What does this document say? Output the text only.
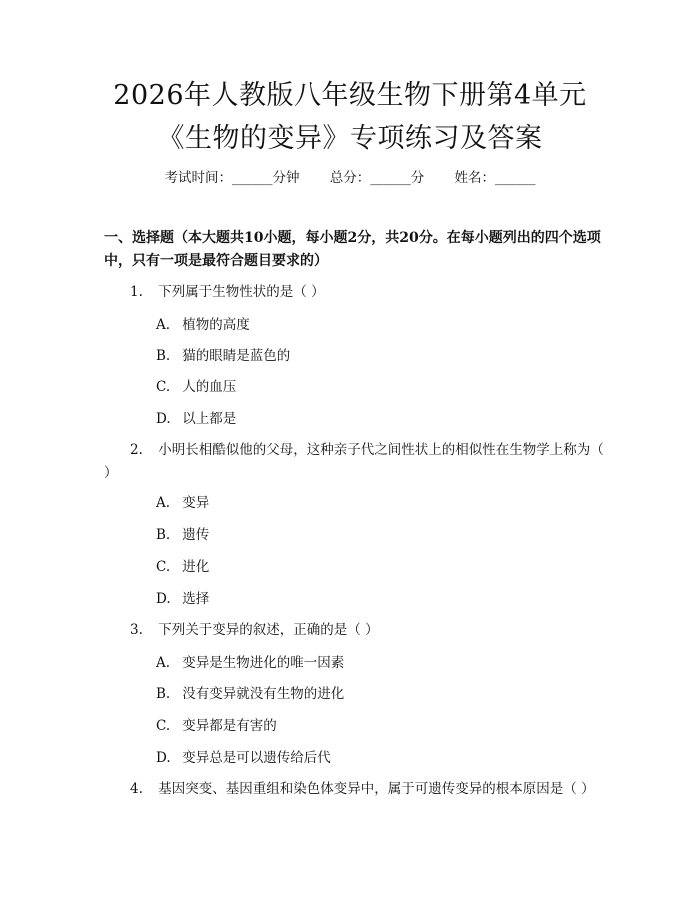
2026年人教版八年级生物下册第4单元《生物的变异》专项练习及答案
考试时间：______分钟 总分：______分 姓名：______
一、选择题（本大题共10小题，每小题2分，共20分。在每小题列出的四个选项中，只有一项是最符合题目要求的）
1. 下列属于生物性状的是（ ）
A. 植物的高度
B. 猫的眼睛是蓝色的
C. 人的血压
D. 以上都是
2. 小明长相酷似他的父母，这种亲子代之间性状上的相似性在生物学上称为（ ）
A. 变异
B. 遗传
C. 进化
D. 选择
3. 下列关于变异的叙述，正确的是（ ）
A. 变异是生物进化的唯一因素
B. 没有变异就没有生物的进化
C. 变异都是有害的
D. 变异总是可以遗传给后代
4. 基因突变、基因重组和染色体变异中，属于可遗传变异的根本原因是（ ）
